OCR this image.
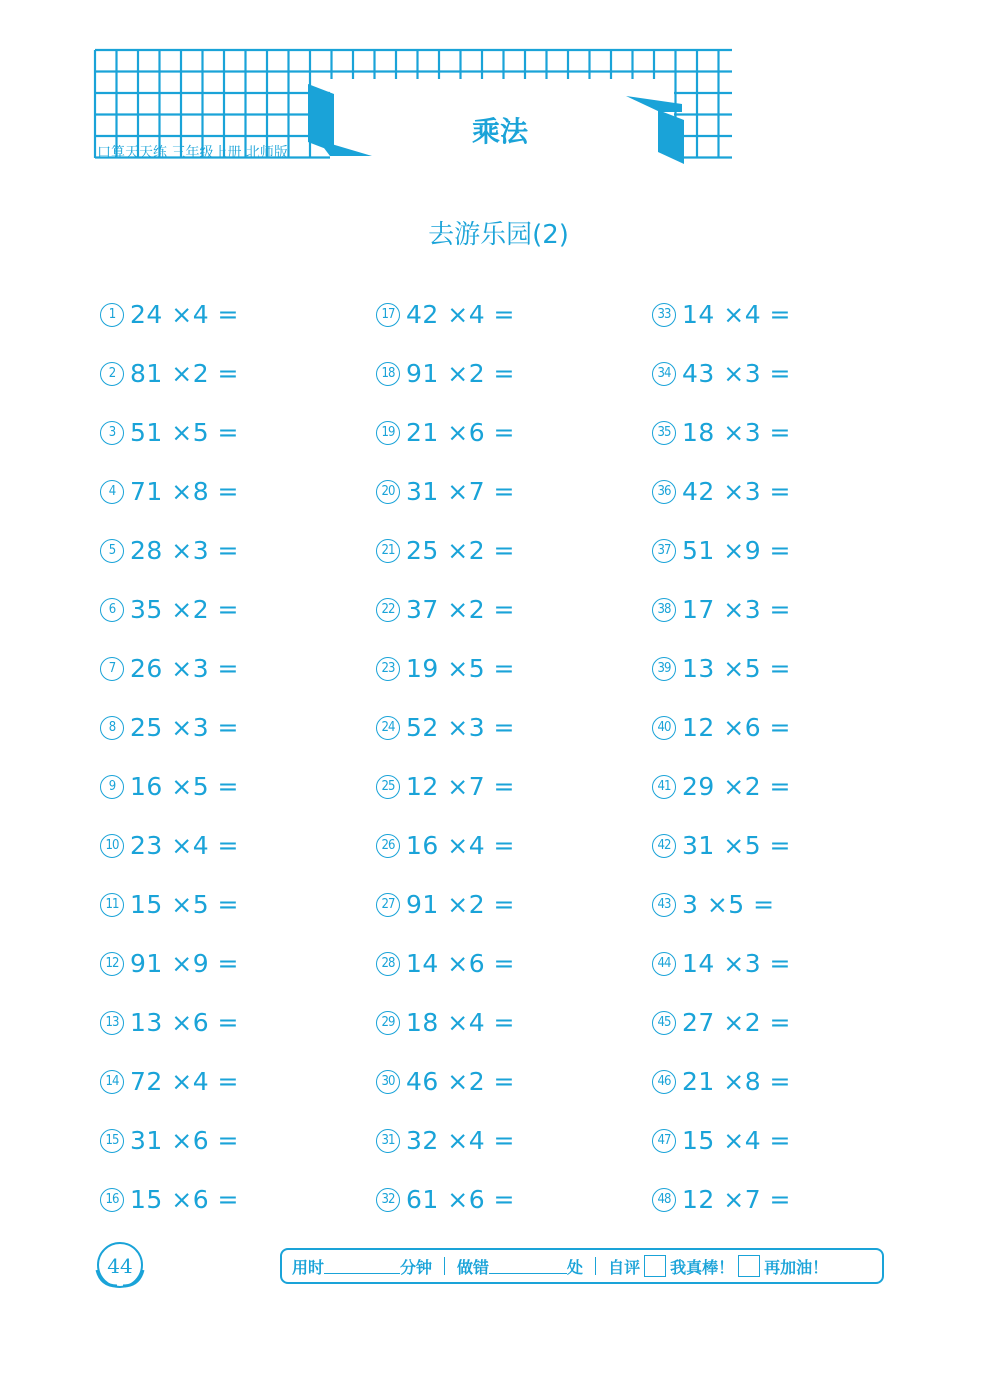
口算天天练 三年级上册 北师版
乘法
去游乐园(2)
1 24 ×4 =
2 81 ×2 =
3 51 ×5 =
4 71 ×8 =
5 28 ×3 =
6 35 ×2 =
7 26 ×3 =
8 25 ×3 =
9 16 ×5 =
10 23 ×4 =
11 15 ×5 =
12 91 ×9 =
13 13 ×6 =
14 72 ×4 =
15 31 ×6 =
16 15 ×6 =
17 42 ×4 =
18 91 ×2 =
19 21 ×6 =
20 31 ×7 =
21 25 ×2 =
22 37 ×2 =
23 19 ×5 =
24 52 ×3 =
25 12 ×7 =
26 16 ×4 =
27 91 ×2 =
28 14 ×6 =
29 18 ×4 =
30 46 ×2 =
31 32 ×4 =
32 61 ×6 =
33 14 ×4 =
34 43 ×3 =
35 18 ×3 =
36 42 ×3 =
37 51 ×9 =
38 17 ×3 =
39 13 ×5 =
40 12 ×6 =
41 29 ×2 =
42 31 ×5 =
43 3 ×5 =
44 14 ×3 =
45 27 ×2 =
46 21 ×8 =
47 15 ×4 =
48 12 ×7 =
44	用时	分钟 做错	处 自评 我真棒！ 再加油！
